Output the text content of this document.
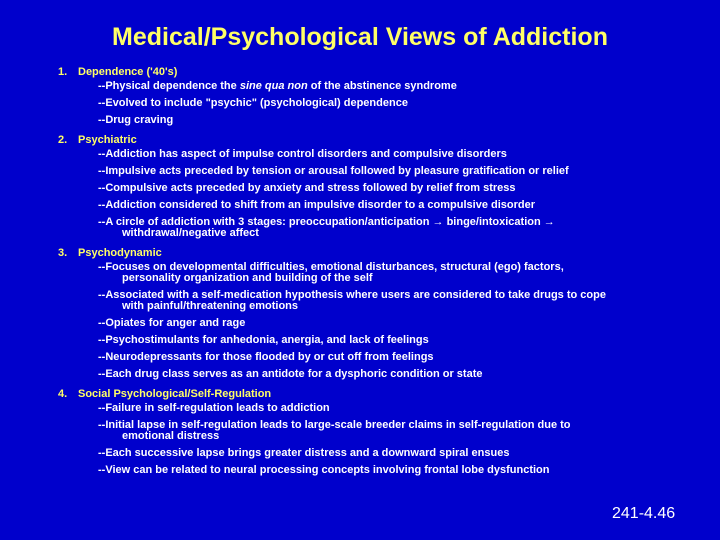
Medical/Psychological Views of Addiction
1. Dependence ('40's)
--Physical dependence the sine qua non of the abstinence syndrome
--Evolved to include "psychic" (psychological) dependence
--Drug craving
2. Psychiatric
--Addiction has aspect of impulse control disorders and compulsive disorders
--Impulsive acts preceded by tension or arousal followed by pleasure gratification or relief
--Compulsive acts preceded by anxiety and stress followed by relief from stress
--Addiction considered to shift from an impulsive disorder to a compulsive disorder
--A circle of addiction with 3 stages: preoccupation/anticipation → binge/intoxication →
withdrawal/negative affect
3. Psychodynamic
--Focuses on developmental difficulties, emotional disturbances, structural (ego) factors,
personality organization and building of the self
--Associated with a self-medication hypothesis where users are considered to take drugs to cope
with painful/threatening emotions
--Opiates for anger and rage
--Psychostimulants for anhedonia, anergia, and lack of feelings
--Neurodepressants for those flooded by or cut off from feelings
--Each drug class serves as an antidote for a dysphoric condition or state
4. Social Psychological/Self-Regulation
--Failure in self-regulation leads to addiction
--Initial lapse in self-regulation leads to large-scale breeder claims in self-regulation due to
emotional distress
--Each successive lapse brings greater distress and a downward spiral ensues
--View can be related to neural processing concepts involving frontal lobe dysfunction
241-4.46
